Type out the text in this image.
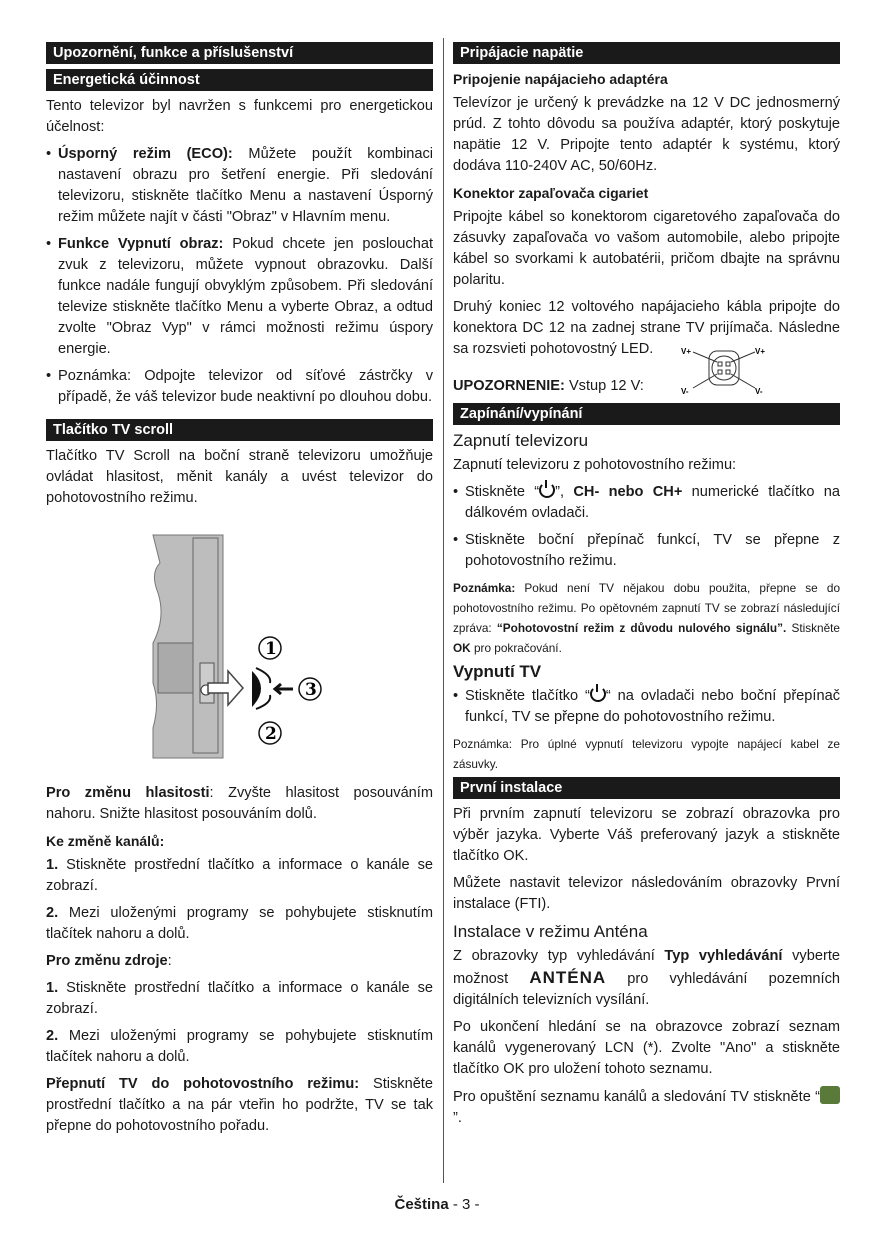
Upozornění, funkce a příslušenství
Energetická účinnost
Tento televizor byl navržen s funkcemi pro energetickou účelnost:
• Úsporný režim (ECO): Můžete použít kombinaci nastavení obrazu pro šetření energie. Při sledování televizoru, stiskněte tlačítko Menu a nastavení Úsporný režim můžete najít v části "Obraz" v Hlavním menu.
• Funkce Vypnutí obraz: Pokud chcete jen poslouchat zvuk z televizoru, můžete vypnout obrazovku. Další funkce nadále fungují obvyklým způsobem. Při sledování televize stiskněte tlačítko Menu a vyberte Obraz, a odtud zvolte "Obraz Vyp" v rámci možnosti režimu úspory energie.
• Poznámka: Odpojte televizor od síťové zástrčky v případě, že váš televizor bude neaktivní po dlouhou dobu.
Tlačítko TV scroll
Tlačítko TV Scroll na boční straně televizoru umožňuje ovládat hlasitost, měnit kanály a uvést televizor do pohotovostního režimu.
1
2
3
Pro změnu hlasitosti: Zvyšte hlasitost posouváním nahoru. Snižte hlasitost posouváním dolů.
Ke změně kanálů:
1. Stiskněte prostřední tlačítko a informace o kanále se zobrazí.
2. Mezi uloženými programy se pohybujete stisknutím tlačítek nahoru a dolů.
Pro změnu zdroje:
1. Stiskněte prostřední tlačítko a informace o kanále se zobrazí.
2. Mezi uloženými programy se pohybujete stisknutím tlačítek nahoru a dolů.
Přepnutí TV do pohotovostního režimu: Stiskněte prostřední tlačítko a na pár vteřin ho podržte, TV se tak přepne do pohotovostního pořadu.
Pripájacie napätie
Pripojenie napájacieho adaptéra
Televízor je určený k prevádzke na 12 V DC jednosmerný prúd. Z tohto dôvodu sa používa adaptér, ktorý poskytuje napätie 12 V. Pripojte tento adaptér k systému, ktorý dodáva 110-240V AC, 50/60Hz.
Konektor zapaľovača cigariet
Pripojte kábel so konektorom cigaretového zapaľovača do zásuvky zapaľovača vo vašom automobile, alebo pripojte kábel so svorkami k autobatérii, pričom dbajte na správnu polaritu.
Druhý koniec 12 voltového napájacieho kábla pripojte do konektora DC 12 na zadnej strane TV prijímača. Následne sa rozsvieti pohotovostný LED.
UPOZORNENIE: Vstup 12 V:
V+	V+
V-	V-
Zapínání/vypínání
Zapnutí televizoru
Zapnutí televizoru z pohotovostního režimu:
• Stiskněte “ ”, CH- nebo CH+ numerické tlačítko na dálkovém ovladači.
• Stiskněte boční přepínač funkcí, TV se přepne z pohotovostního režimu.
Poznámka: Pokud není TV nějakou dobu použita, přepne se do pohotovostního režimu. Po opětovném zapnutí TV se zobrazí následující zpráva: “Pohotovostní režim z důvodu nulového signálu”. Stiskněte OK pro pokračování.
Vypnutí TV
• Stiskněte tlačítko “ “ na ovladači nebo boční přepínač funkcí, TV se přepne do pohotovostního režimu.
Poznámka: Pro úplné vypnutí televizoru vypojte napájecí kabel ze zásuvky.
První instalace
Při prvním zapnutí televizoru se zobrazí obrazovka pro výběr jazyka. Vyberte Váš preferovaný jazyk a stiskněte tlačítko OK.
Můžete nastavit televizor následováním obrazovky První instalace (FTI).
Instalace v režimu Anténa
Z obrazovky typ vyhledávání Typ vyhledávání vyberte možnost ANTÉNA pro vyhledávání pozemních digitálních televizních vysílání.
Po ukončení hledání se na obrazovce zobrazí seznam kanálů vygenerovaný LCN (*). Zvolte "Ano" a stiskněte tlačítko OK pro uložení tohoto seznamu.
Pro opuštění seznamu kanálů a sledování TV stiskněte “”.
Čeština - 3 -
